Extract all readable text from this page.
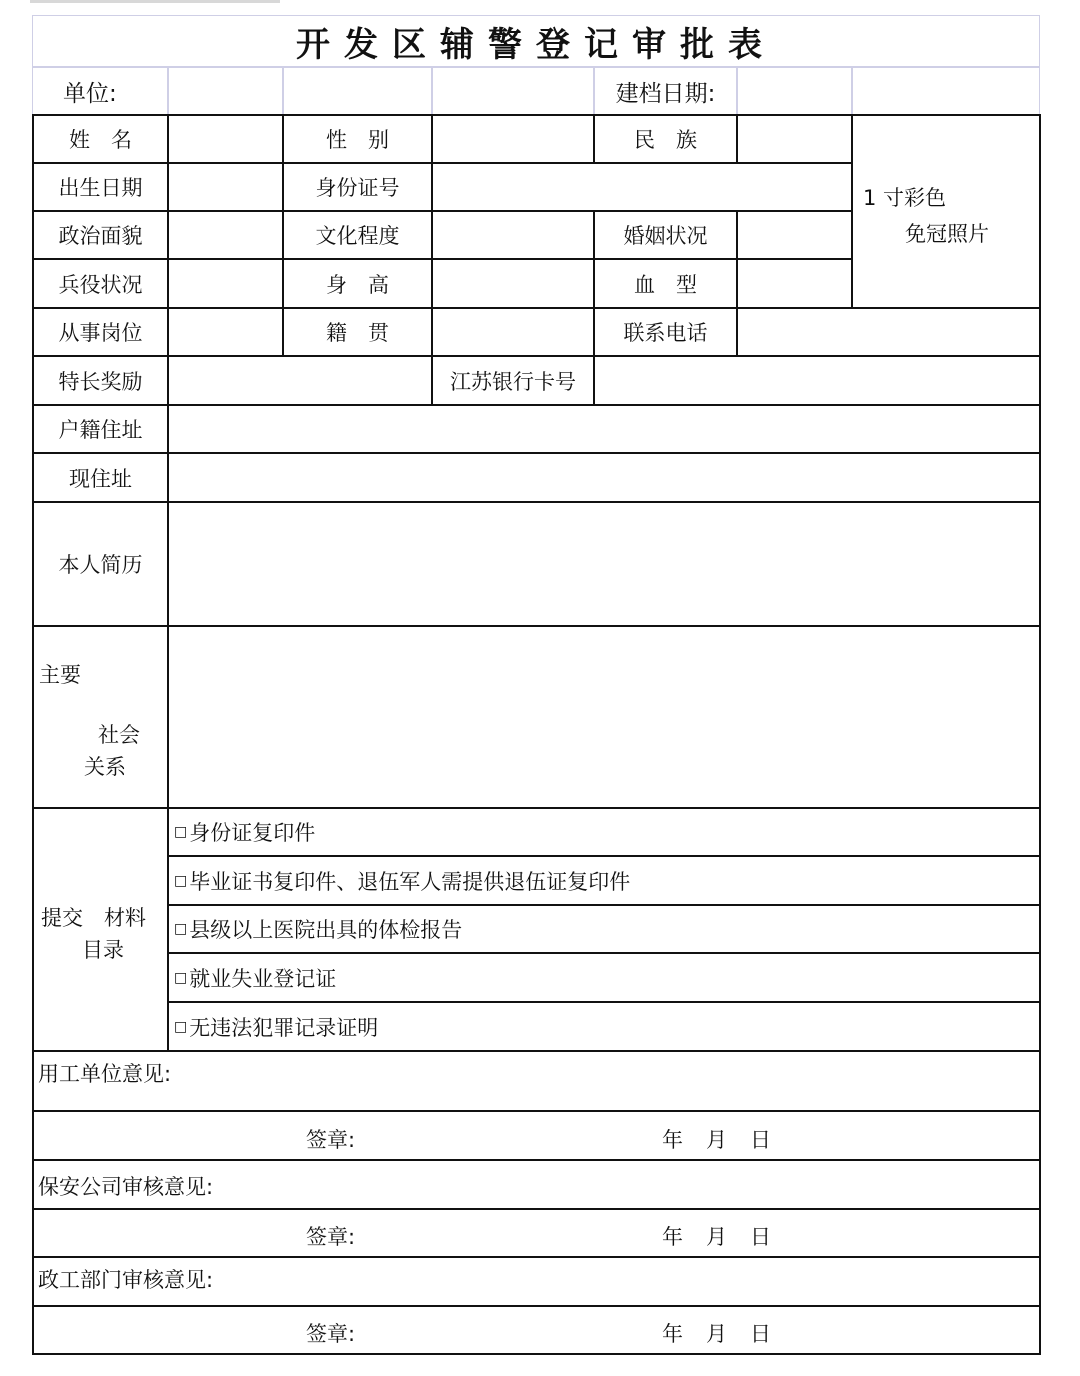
开发区辅警登记审批表
单位:	建档日期:
姓　名	性　别	民　族
1 寸彩色
免冠照片
出生日期	身份证号
政治面貌	文化程度	婚姻状况
兵役状况	身　高	血　型
从事岗位	籍　贯	联系电话
特长奖励	江苏银行卡号
户籍住址
现住址
本人简历
主要
社会
关系
提交　材料
目录
□ 身份证复印件
□ 毕业证书复印件、退伍军人需提供退伍证复印件
□ 县级以上医院出具的体检报告
□ 就业失业登记证
□ 无违法犯罪记录证明
用工单位意见:
签章:	年 月 日
保安公司审核意见:
签章:	年 月 日
政工部门审核意见:
签章:	年 月 日
